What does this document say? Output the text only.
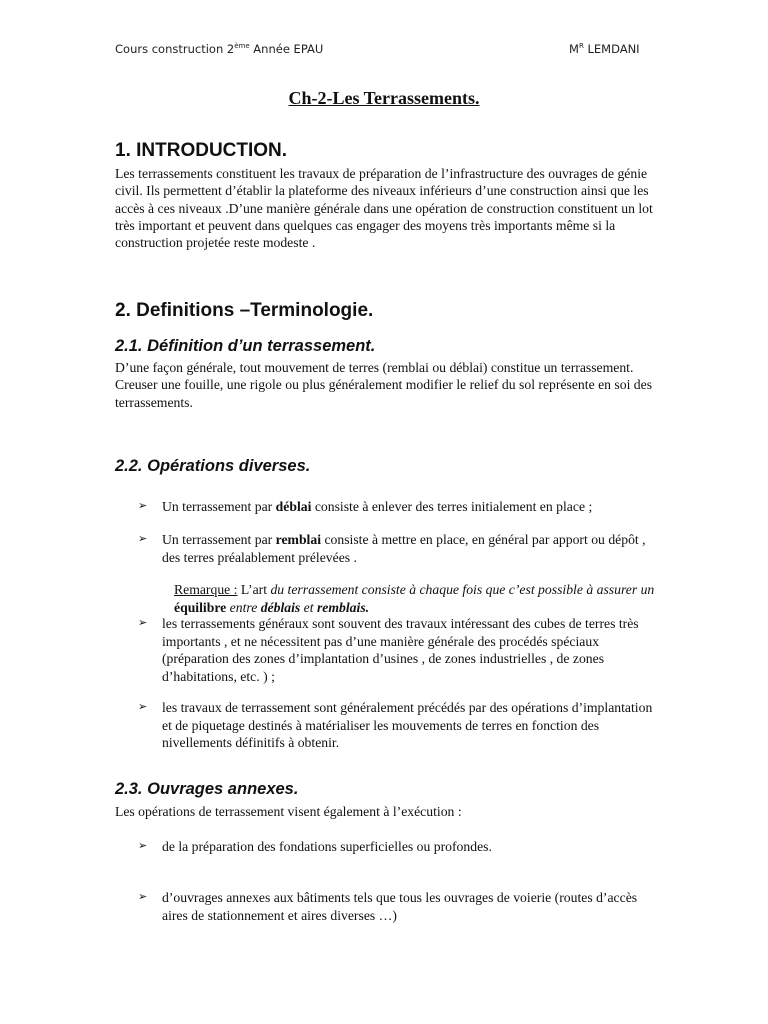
Cours construction 2ème Année EPAU	$M^R$ LEMDANI
Ch-2-Les Terrassements.
1. INTRODUCTION.

Les terrassements constituent les travaux de préparation de l’infrastructure des ouvrages de génie civil. Ils permettent d’établir la plateforme des niveaux inférieurs d’une construction ainsi que les accès à ces niveaux .D’une manière générale dans une opération de construction constituent un lot très important et peuvent dans quelques cas engager des moyens très importants même si la construction projetée reste modeste .

2. Definitions –Terminologie.
2.1. Définition d’un terrassement.
D’une façon générale, tout mouvement de terres (remblai ou déblai) constitue un terrassement.
Creuser une fouille, une rigole ou plus généralement modifier le relief du sol représente en soi des terrassements.
2.2. Opérations diverses.
➢ Un terrassement par déblai consiste à enlever des terres initialement en place ;
➢ Un terrassement par remblai consiste à mettre en place, en général par apport ou dépôt , des terres préalablement prélevées .
Remarque : L’art du terrassement consiste à chaque fois que c’est possible à assurer un équilibre entre déblais et remblais.
➢ les terrassements généraux sont souvent des travaux intéressant des cubes de terres très importants , et ne nécessitent pas d’une manière générale des procédés spéciaux (préparation des zones d’implantation d’usines , de zones industrielles , de zones d’habitations, etc. ) ;
➢ les travaux de terrassement sont généralement précédés par des opérations d’implantation et de piquetage destinés à matérialiser les mouvements de terres en fonction des nivellements définitifs à obtenir.
2.3. Ouvrages annexes.

Les opérations de terrassement visent également à l’exécution :

➢ de la préparation des fondations superficielles ou profondes.
➢ d’ouvrages annexes aux bâtiments tels que tous les ouvrages de voierie (routes d’accès aires de stationnement et aires diverses …)
